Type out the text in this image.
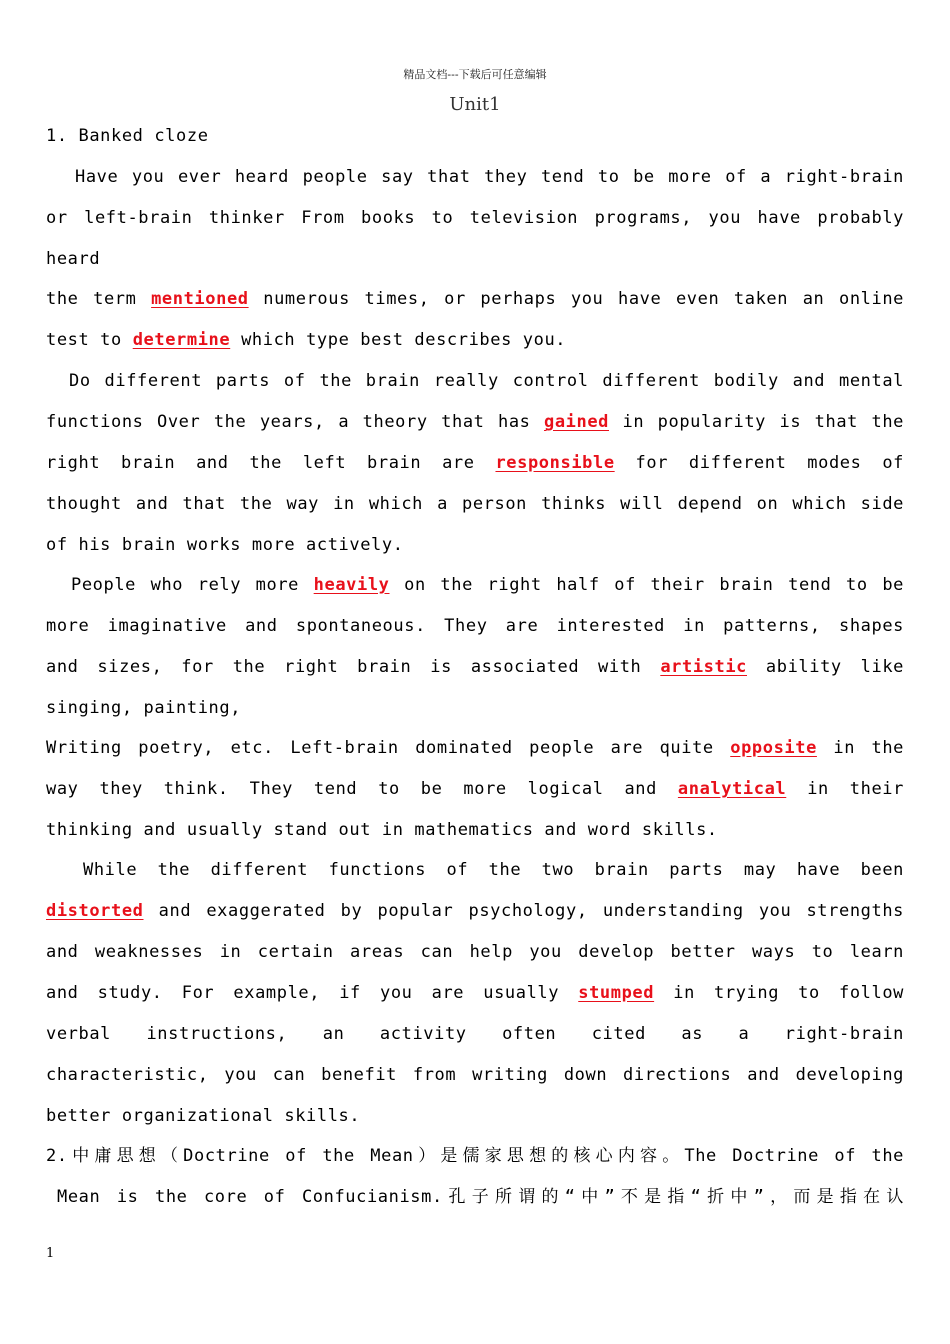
精品文档---下载后可任意编辑
Unit1
1. Banked cloze
Have you ever heard people say that they tend to be more of a right-brain
or left-brain thinker From books to television programs, you have probably
heard
the term mentioned numerous times, or perhaps you have even taken an online
test to determine which type best describes you.
Do different parts of the brain really control different bodily and mental
functions Over the years, a theory that has gained in popularity is that the
right brain and the left brain are responsible for different modes of
thought and that the way in which a person thinks will depend on which side
of his brain works more actively.
People who rely more heavily on the right half of their brain tend to be
more imaginative and spontaneous. They are interested in patterns, shapes
and sizes, for the right brain is associated with artistic ability like
singing, painting,
Writing poetry, etc. Left-brain dominated people are quite opposite in the
way they think. They tend to be more logical and analytical in their
thinking and usually stand out in mathematics and word skills.
While the different functions of the two brain parts may have been
distorted and exaggerated by popular psychology, understanding you strengths
and weaknesses in certain areas can help you develop better ways to learn
and study. For example, if you are usually stumped in trying to follow
verbal instructions, an activity often cited as a right-brain
characteristic, you can benefit from writing down directions and developing
better organizational skills.
2.中庸思想（Doctrine of the Mean）是儒家思想的核心内容。The Doctrine of the
Mean is the core of Confucianism.孔子所谓的“中”不是指“折中”，而是指在认
1
